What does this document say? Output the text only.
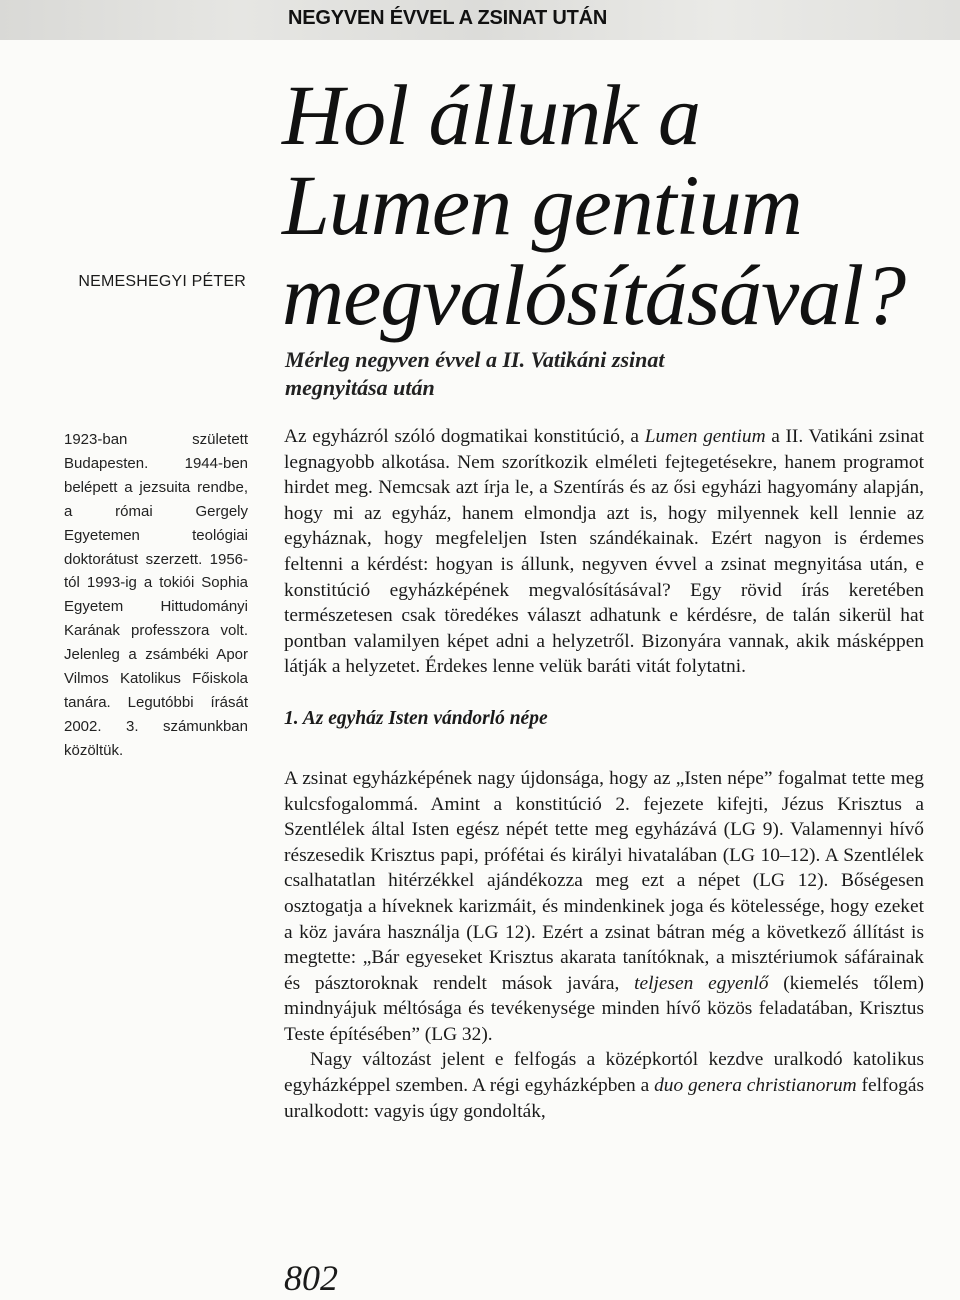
NEGYVEN ÉVVEL A ZSINAT UTÁN
NEMESHEGYI PÉTER
Hol állunk a
Lumen gentium
megvalósításával?
Mérleg negyven évvel a II. Vatikáni zsinat
megnyitása után
1923-ban született Budapesten. 1944-ben belépett a jezsuita rendbe, a római Gergely Egyetemen teológiai doktorátust szerzett. 1956-tól 1993-ig a tokiói Sophia Egyetem Hittudományi Karának professzora volt. Jelenleg a zsámbéki Apor Vilmos Katolikus Főiskola tanára. Legutóbbi írását 2002. 3. számunkban közöltük.

Az egyházról szóló dogmatikai konstitúció, a Lumen gentium a II. Vatikáni zsinat legnagyobb alkotása. Nem szorítkozik elméleti fejtegetésekre, hanem programot hirdet meg. Nemcsak azt írja le, a Szentírás és az ősi egyházi hagyomány alapján, hogy mi az egyház, hanem elmondja azt is, hogy milyennek kell lennie az egyháznak, hogy megfeleljen Isten szándékainak. Ezért nagyon is érdemes feltenni a kérdést: hogyan is állunk, negyven évvel a zsinat megnyitása után, e konstitúció egyházképének megvalósításával? Egy rövid írás keretében természetesen csak töredékes választ adhatunk e kérdésre, de talán sikerül hat pontban valamilyen képet adni a helyzetről. Bizonyára vannak, akik másképpen látják a helyzetet. Érdekes lenne velük baráti vitát folytatni.

1. Az egyház Isten vándorló népe

A zsinat egyházképének nagy újdonsága, hogy az „Isten népe” fogalmat tette meg kulcsfogalommá. Amint a konstitúció 2. fejezete kifejti, Jézus Krisztus a Szentlélek által Isten egész népét tette meg egyházává (LG 9). Valamennyi hívő részesedik Krisztus papi, prófétai és királyi hivatalában (LG 10–12). A Szentlélek csalhatatlan hitérzékkel ajándékozza meg ezt a népet (LG 12). Bőségesen osztogatja a híveknek karizmáit, és mindenkinek joga és kötelessége, hogy ezeket a köz javára használja (LG 12). Ezért a zsinat bátran még a következő állítást is megtette: „Bár egyeseket Krisztus akarata tanítóknak, a misztériumok sáfárainak és pásztoroknak rendelt mások javára, teljesen egyenlő (kiemelés tőlem) mindnyájuk méltósága és tevékenysége minden hívő közös feladatában, Krisztus Teste építésében” (LG 32).

Nagy változást jelent e felfogás a középkortól kezdve uralkodó katolikus egyházképpel szemben. A régi egyházképben a duo genera christianorum felfogás uralkodott: vagyis úgy gondolták,

802
